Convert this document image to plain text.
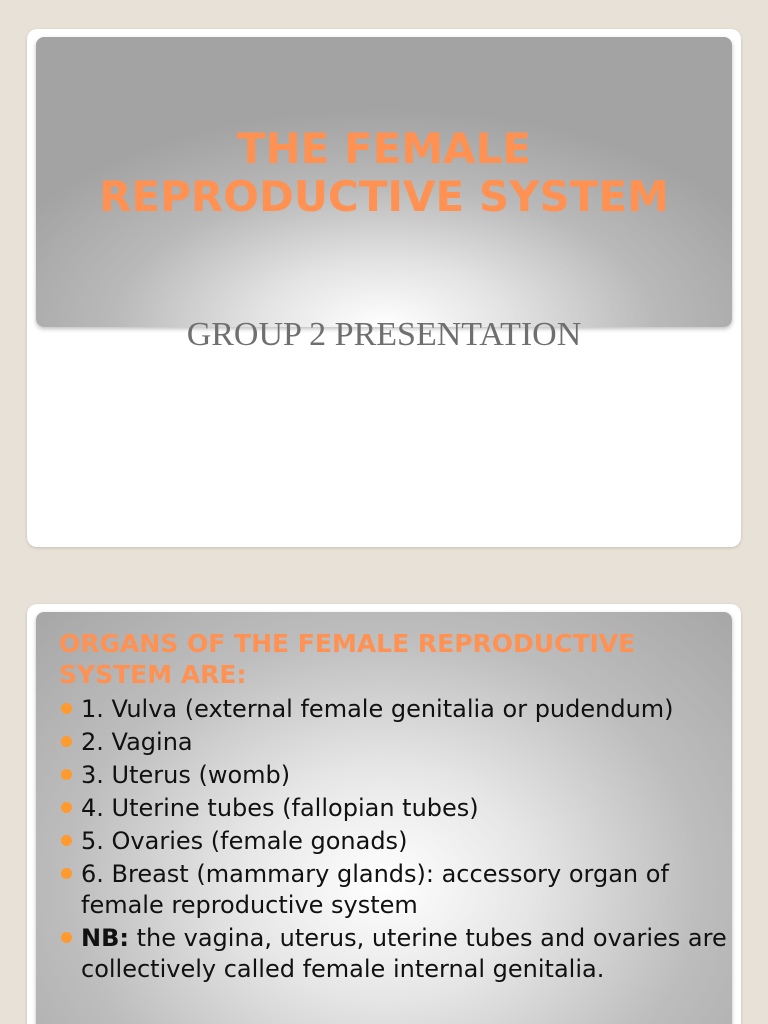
THE FEMALE
REPRODUCTIVE SYSTEM

GROUP 2 PRESENTATION

ORGANS OF THE FEMALE REPRODUCTIVE SYSTEM ARE:
1. Vulva (external female genitalia or pudendum)
2. Vagina
3. Uterus (womb)
4. Uterine tubes (fallopian tubes)
5. Ovaries (female gonads)
6. Breast (mammary glands): accessory organ of female reproductive system
NB: the vagina, uterus, uterine tubes and ovaries are collectively called female internal genitalia.
